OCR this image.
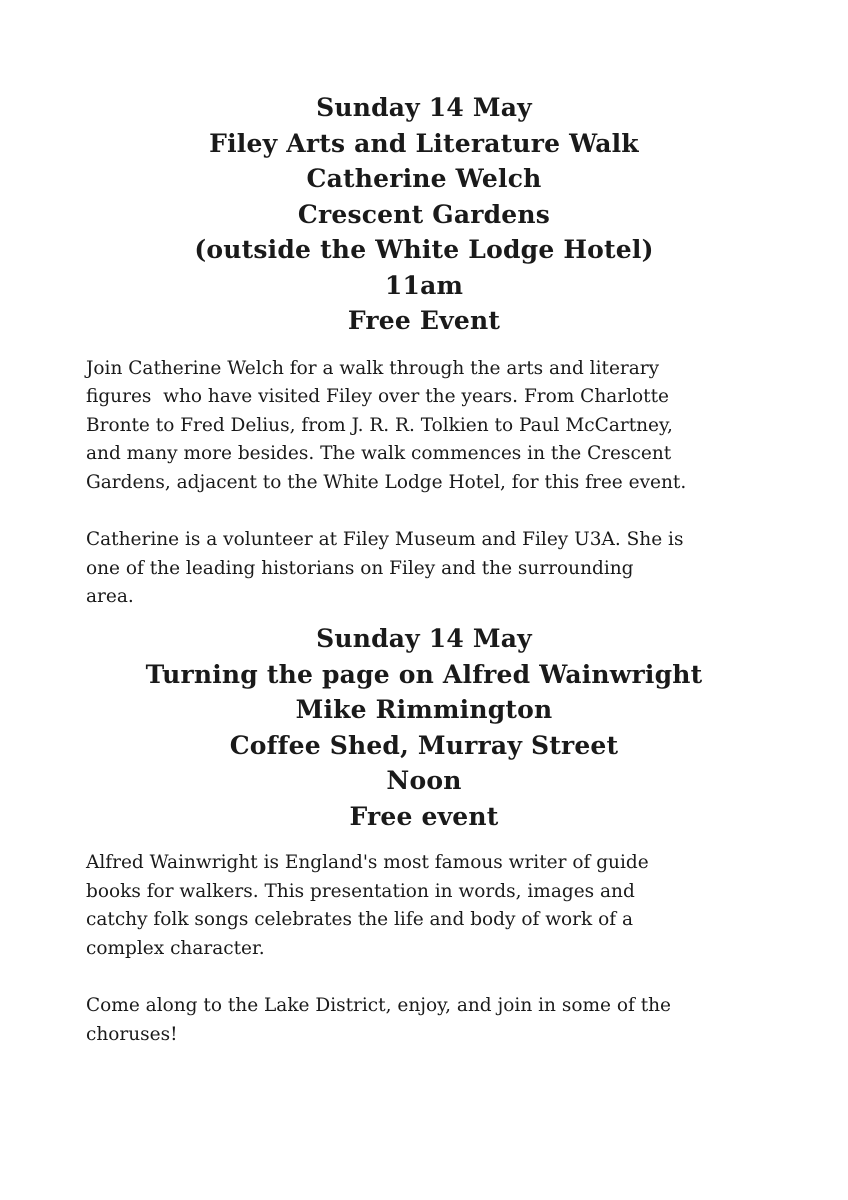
Sunday 14 May
Filey Arts and Literature Walk
Catherine Welch
Crescent Gardens
(outside the White Lodge Hotel)
11am
Free Event

Join Catherine Welch for a walk through the arts and literary
figures  who have visited Filey over the years. From Charlotte
Bronte to Fred Delius, from J. R. R. Tolkien to Paul McCartney,
and many more besides. The walk commences in the Crescent
Gardens, adjacent to the White Lodge Hotel, for this free event.

Catherine is a volunteer at Filey Museum and Filey U3A. She is
one of the leading historians on Filey and the surrounding
area.

Sunday 14 May
Turning the page on Alfred Wainwright
Mike Rimmington
Coffee Shed, Murray Street
Noon
Free event

Alfred Wainwright is England's most famous writer of guide
books for walkers. This presentation in words, images and
catchy folk songs celebrates the life and body of work of a
complex character.

Come along to the Lake District, enjoy, and join in some of the
choruses!
